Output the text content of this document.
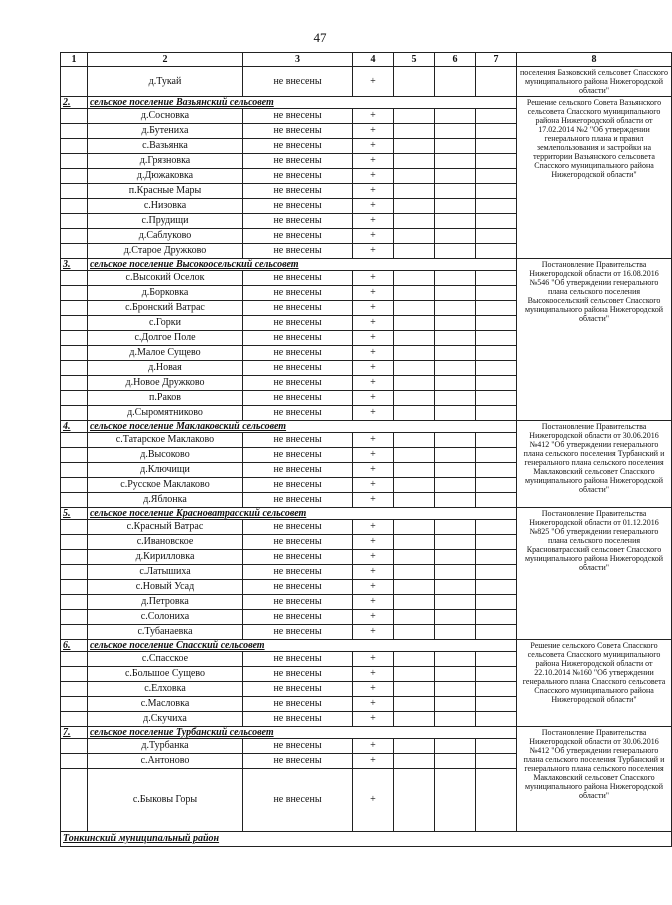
47
1	2	3	4	5	6	7	8
	д.Тукай	не внесены	+				поселения Базковский сельсовет Спасского муниципального района Нижегородской области"
2.	сельское поселение Вазьянский сельсовет						Решение сельского Совета Вазьянского сельсовета Спасского муниципального района Нижегородской области от 17.02.2014 №2 "Об утверждении генерального плана и правил землепользования и застройки на территории Вазьянского сельсовета Спасского муниципального района Нижегородской области"
	д.Сосновка	не внесены	+				
	д.Бутениха	не внесены	+				
	с.Вазьянка	не внесены	+				
	д.Грязновка	не внесены	+				
	д.Дюжаковка	не внесены	+				
	п.Красные Мары	не внесены	+				
	с.Низовка	не внесены	+				
	с.Прудищи	не внесены	+				
	д.Саблуково	не внесены	+				
	д.Старое Дружково	не внесены	+				
3.	сельское поселение Высокоосельский сельсовет						Постановление Правительства Нижегородской области от 16.08.2016 №546 "Об утверждении генерального плана сельского поселения Высокоосельский сельсовет Спасского муниципального района Нижегородской области"
	с.Высокий Оселок	не внесены	+				
	д.Борковка	не внесены	+				
	с.Бронский Ватрас	не внесены	+				
	с.Горки	не внесены	+				
	с.Долгое Поле	не внесены	+				
	д.Малое Сущево	не внесены	+				
	д.Новая	не внесены	+				
	д.Новое Дружково	не внесены	+				
	п.Раков	не внесены	+				
	д.Сыромятниково	не внесены	+				
4.	сельское поселение Маклаковский сельсовет						Постановление Правительства Нижегородской области от 30.06.2016 №412 "Об утверждении генерального плана сельского поселения Турбанский и генерального плана сельского поселения Маклаковский сельсовет Спасского муниципального района Нижегородской области"
	с.Татарское Маклаково	не внесены	+				
	д.Высоково	не внесены	+				
	д.Ключищи	не внесены	+				
	с.Русское Маклаково	не внесены	+				
	д.Яблонка	не внесены	+				
5.	сельское поселение Красноватрасский сельсовет						Постановление Правительства Нижегородской области от 01.12.2016 №825 "Об утверждении генерального плана сельского поселения Красноватрасский сельсовет Спасского муниципального района Нижегородской области"
	с.Красный Ватрас	не внесены	+				
	с.Ивановское	не внесены	+				
	д.Кирилловка	не внесены	+				
	с.Латышиха	не внесены	+				
	с.Новый Усад	не внесены	+				
	д.Петровка	не внесены	+				
	с.Солониха	не внесены	+				
	с.Тубанаевка	не внесены	+				
6.	сельское поселение Спасский сельсовет						Решение сельского Совета Спасского сельсовета Спасского муниципального района Нижегородской области от 22.10.2014 №160 "Об утверждении генерального плана Спасского сельсовета Спасского муниципального района Нижегородской области"
	с.Спасское	не внесены	+				
	с.Большое Сущево	не внесены	+				
	с.Елховка	не внесены	+				
	с.Масловка	не внесены	+				
	д.Скучиха	не внесены	+				
7.	сельское поселение Турбанский сельсовет						Постановление Правительства Нижегородской области от 30.06.2016 №412 "Об утверждении генерального плана сельского поселения Турбанский и генерального плана сельского поселения Маклаковский сельсовет Спасского муниципального района Нижегородской области"
	д.Турбанка	не внесены	+				
	с.Антоново	не внесены	+				
	с.Быковы Горы	не внесены	+				
Тонкинский муниципальный район							
